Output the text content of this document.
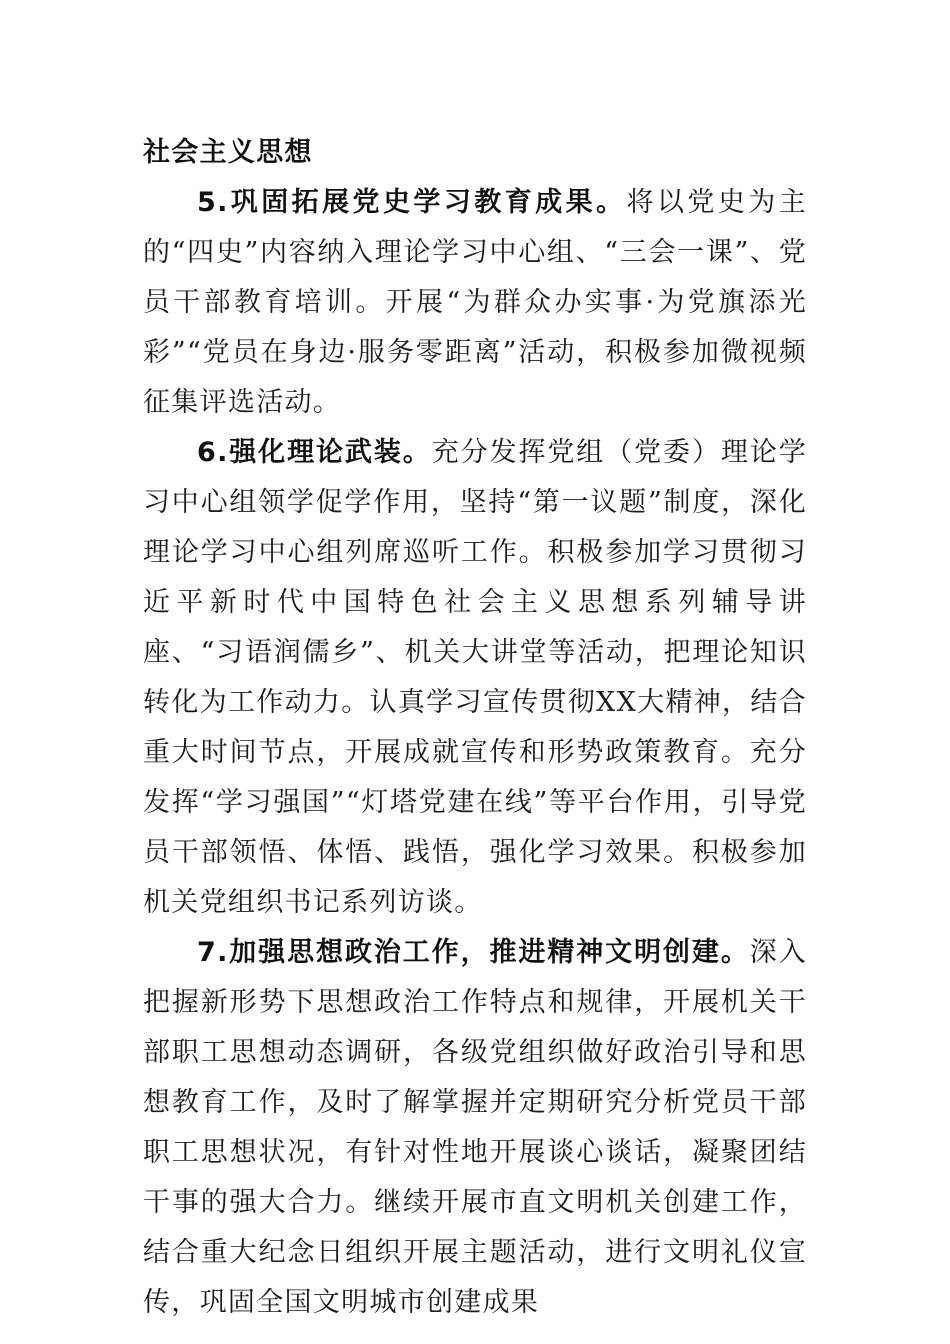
社会主义思想

5.巩固拓展党史学习教育成果。将以党史为主的“四史”内容纳入理论学习中心组、“三会一课”、党员干部教育培训。开展“为群众办实事·为党旗添光彩”“党员在身边·服务零距离”活动，积极参加微视频征集评选活动。

6.强化理论武装。充分发挥党组（党委）理论学习中心组领学促学作用，坚持“第一议题”制度，深化理论学习中心组列席巡听工作。积极参加学习贯彻习近平新时代中国特色社会主义思想系列辅导讲座、“习语润儒乡”、机关大讲堂等活动，把理论知识转化为工作动力。认真学习宣传贯彻XX大精神，结合重大时间节点，开展成就宣传和形势政策教育。充分发挥“学习强国”“灯塔党建在线”等平台作用，引导党员干部领悟、体悟、践悟，强化学习效果。积极参加机关党组织书记系列访谈。

7.加强思想政治工作，推进精神文明创建。深入把握新形势下思想政治工作特点和规律，开展机关干部职工思想动态调研，各级党组织做好政治引导和思想教育工作，及时了解掌握并定期研究分析党员干部职工思想状况，有针对性地开展谈心谈话，凝聚团结干事的强大合力。继续开展市直文明机关创建工作，结合重大纪念日组织开展主题活动，进行文明礼仪宣传，巩固全国文明城市创建成果
